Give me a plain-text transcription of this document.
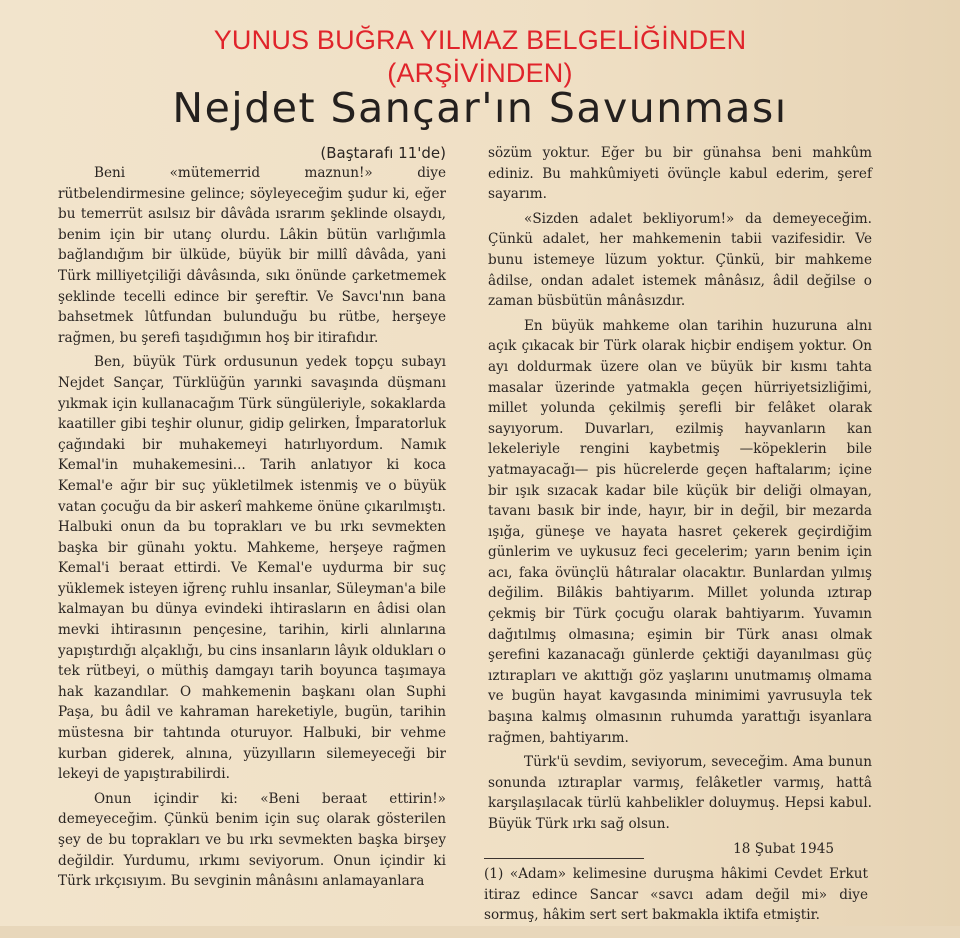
YUNUS BUĞRA YILMAZ BELGELİĞİNDEN
(ARŞİVİNDEN)
Nejdet Sançar'ın Savunması

Beni «mütemerrid maznun!» diye rütbelendirmesine gelince; söyleyeceğim şudur ki, eğer bu temerrüt asılsız bir dâvâda ısrarım şeklinde olsaydı, benim için bir utanç olurdu. Lâkin bütün varlığımla bağlandığım bir ülküde, büyük bir millî dâvâda, yani Türk milliyetçiliği dâvâsında, sıkı önünde çarketmemek şeklinde tecelli edince bir şereftir. Ve Savcı'nın bana bahsetmek lûtfundan bulunduğu bu rütbe, herşeye rağmen, bu şerefi taşıdığımın hoş bir itirafıdır.

Ben, büyük Türk ordusunun yedek topçu subayı Nejdet Sançar, Türklüğün yarınki savaşında düşmanı yıkmak için kullanacağım Türk süngüleriyle, sokaklarda kaatiller gibi teşhir olunur, gidip gelirken, İmparatorluk çağındaki bir muhakemeyi hatırlıyordum. Namık Kemal'in muhakemesini... Tarih anlatıyor ki koca Kemal'e ağır bir suç yükletilmek istenmiş ve o büyük vatan çocuğu da bir askerî mahkeme önüne çıkarılmıştı. Halbuki onun da bu toprakları ve bu ırkı sevmekten başka bir günahı yoktu. Mahkeme, herşeye rağmen Kemal'i beraat ettirdi. Ve Kemal'e uydurma bir suç yüklemek isteyen iğrenç ruhlu insanlar, Süleyman'a bile kalmayan bu dünya evindeki ihtirasların en âdisi olan mevki ihtirasının pençesine, tarihin, kirli alınlarına yapıştırdığı alçaklığı, bu cins insanların lâyık oldukları o tek rütbeyi, o müthiş damgayı tarih boyunca taşımaya hak kazandılar. O mahkemenin başkanı olan Suphi Paşa, bu âdil ve kahraman hareketiyle, bugün, tarihin müstesna bir tahtında oturuyor. Halbuki, bir vehme kurban giderek, alnına, yüzyılların silemeyeceği bir lekeyi de yapıştırabilirdi.

Onun içindir ki: «Beni beraat ettirin!» demeyeceğim. Çünkü benim için suç olarak gösterilen şey de bu toprakları ve bu ırkı sevmekten başka birşey değildir. Yurdumu, ırkımı seviyorum. Onun içindir ki Türk ırkçısıyım. Bu sevginin mânâsını anlamayanlara

(Baştarafı 11'de)	sözüm yoktur. Eğer bu bir günahsa beni mahkûm ediniz. Bu mahkûmiyeti övünçle kabul ederim, şeref sayarım.

«Sizden adalet bekliyorum!» da demeyeceğim. Çünkü adalet, her mahkemenin tabii vazifesidir. Ve bunu istemeye lüzum yoktur. Çünkü, bir mahkeme âdilse, ondan adalet istemek mânâsız, âdil değilse o zaman büsbütün mânâsızdır.

En büyük mahkeme olan tarihin huzuruna alnı açık çıkacak bir Türk olarak hiçbir endişem yoktur. On ayı doldurmak üzere olan ve büyük bir kısmı tahta masalar üzerinde yatmakla geçen hürriyetsizliğimi, millet yolunda çekilmiş şerefli bir felâket olarak sayıyorum. Duvarları, ezilmiş hayvanların kan lekeleriyle rengini kaybetmiş —köpeklerin bile yatmayacağı— pis hücrelerde geçen haftalarım; içine bir ışık sızacak kadar bile küçük bir deliği olmayan, tavanı basık bir inde, hayır, bir in değil, bir mezarda ışığa, güneşe ve hayata hasret çekerek geçirdiğim günlerim ve uykusuz feci gecelerim; yarın benim için acı, faka övünçlü hâtıralar olacaktır. Bunlardan yılmış değilim. Bilâkis bahtiyarım. Millet yolunda ıztırap çekmiş bir Türk çocuğu olarak bahtiyarım. Yuvamın dağıtılmış olmasına; eşimin bir Türk anası olmak şerefini kazanacağı günlerde çektiği dayanılması güç ıztırapları ve akıttığı göz yaşlarını unutmamış olmama ve bugün hayat kavgasında minimimi yavrusuyla tek başına kalmış olmasının ruhumda yarattığı isyanlara rağmen, bahtiyarım.

Türk'ü sevdim, seviyorum, seveceğim. Ama bunun sonunda ıztıraplar varmış, felâketler varmış, hattâ karşılaşılacak türlü kahbelikler doluymuş. Hepsi kabul. Büyük Türk ırkı sağ olsun.

18 Şubat 1945

(1) «Adam» kelimesine duruşma hâkimi Cevdet Erkut itiraz edince Sancar «savcı adam değil mi» diye sormuş, hâkim sert sert bakmakla iktifa etmiştir.
